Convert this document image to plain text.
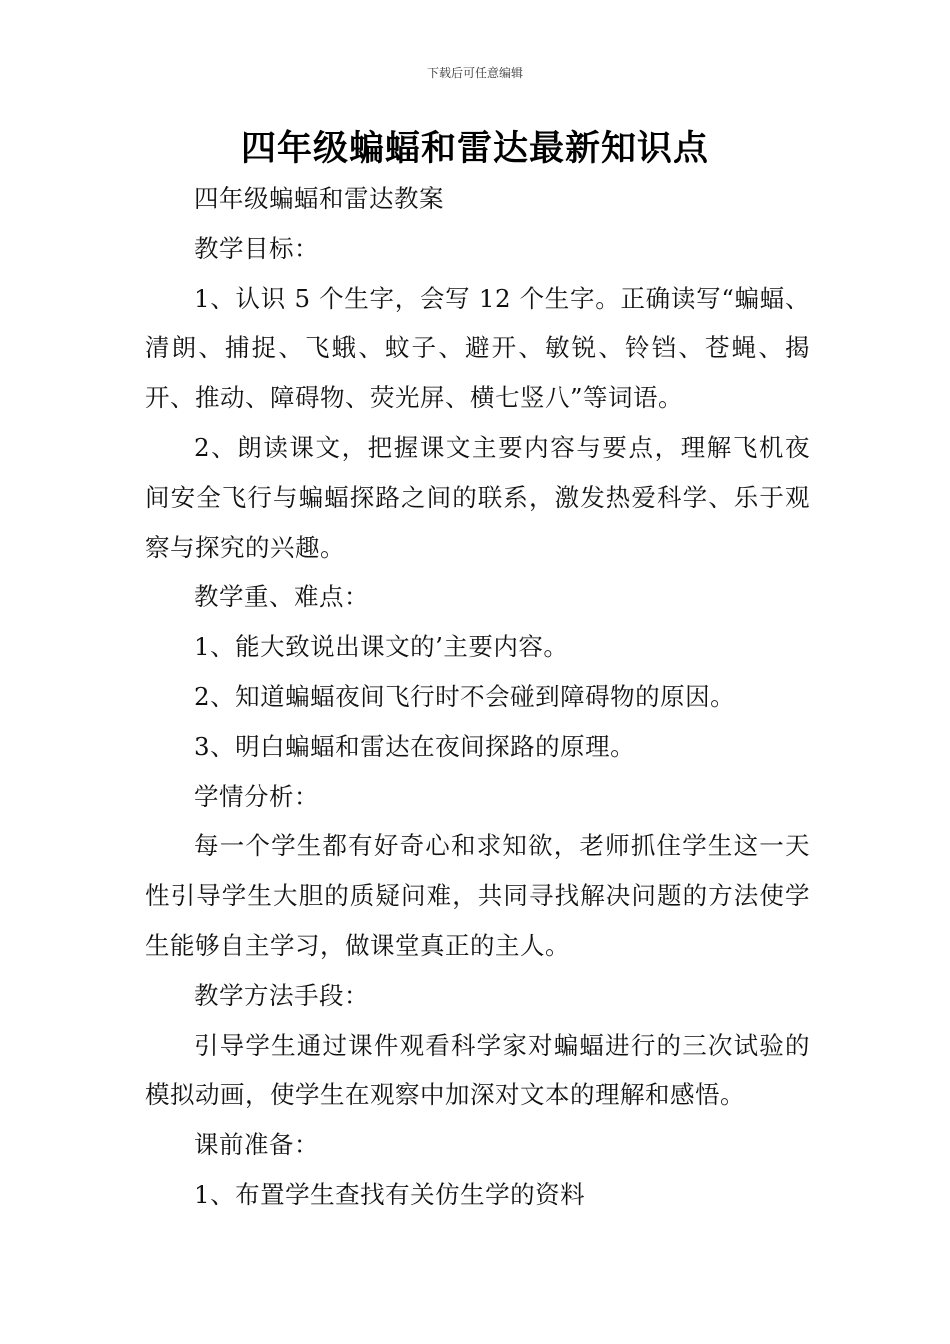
下载后可任意编辑
四年级蝙蝠和雷达最新知识点

四年级蝙蝠和雷达教案

教学目标：

1、认识 5 个生字，会写 12 个生字。正确读写“蝙蝠、清朗、捕捉、飞蛾、蚊子、避开、敏锐、铃铛、苍蝇、揭开、推动、障碍物、荧光屏、横七竖八”等词语。

2、朗读课文，把握课文主要内容与要点，理解飞机夜间安全飞行与蝙蝠探路之间的联系，激发热爱科学、乐于观察与探究的兴趣。

教学重、难点：

1、能大致说出课文的’主要内容。

2、知道蝙蝠夜间飞行时不会碰到障碍物的原因。

3、明白蝙蝠和雷达在夜间探路的原理。

学情分析：

每一个学生都有好奇心和求知欲，老师抓住学生这一天性引导学生大胆的质疑问难，共同寻找解决问题的方法使学生能够自主学习，做课堂真正的主人。

教学方法手段：

引导学生通过课件观看科学家对蝙蝠进行的三次试验的模拟动画，使学生在观察中加深对文本的理解和感悟。

课前准备：

1、布置学生查找有关仿生学的资料
